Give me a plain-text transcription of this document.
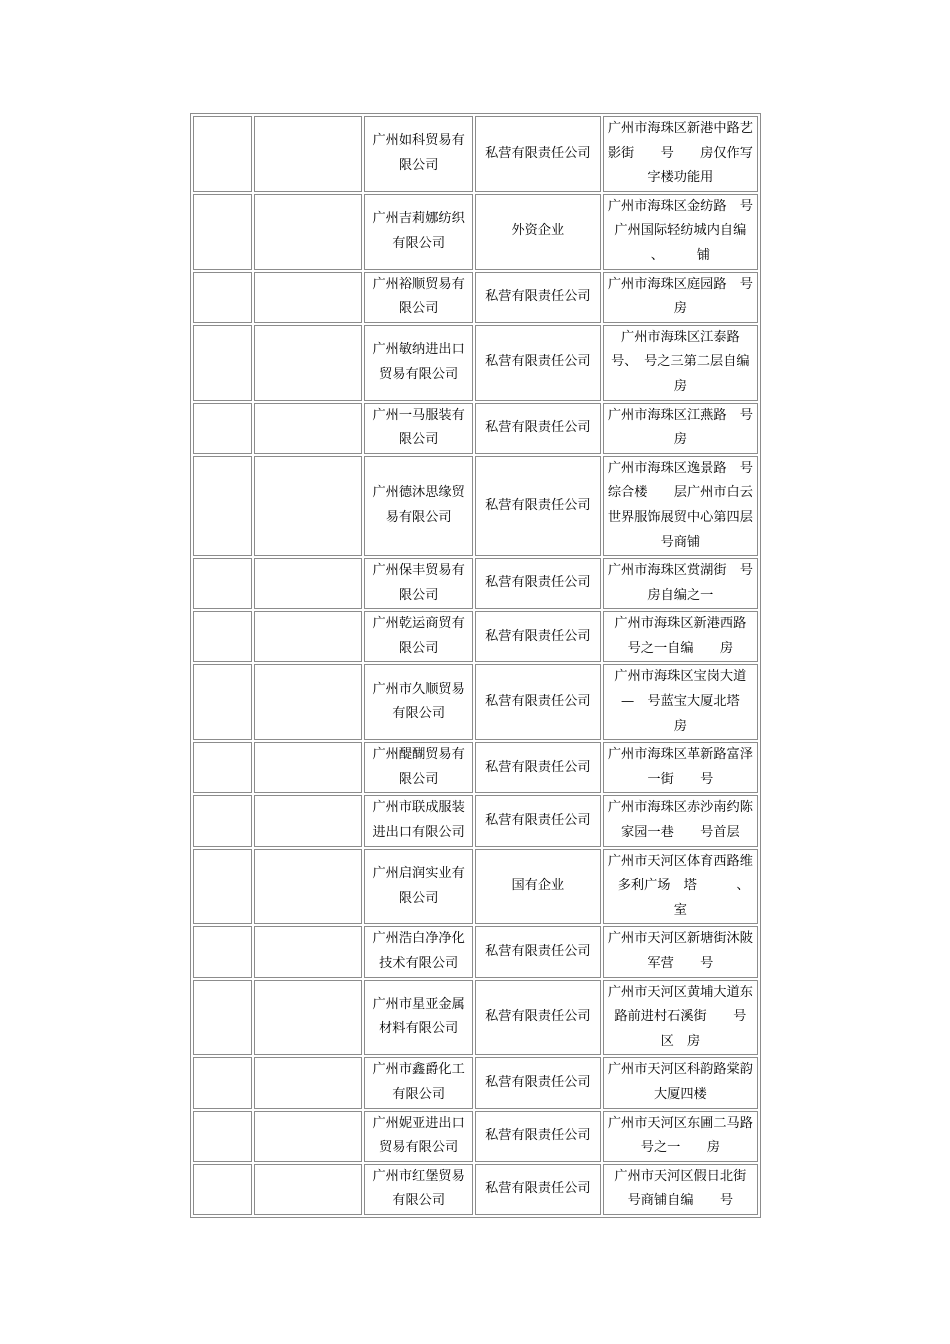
		广州如科贸易有限公司	私营有限责任公司	广州市海珠区新港中路艺影街　　号　　房仅作写字楼功能用
		广州吉莉娜纺织有限公司	外资企业	广州市海珠区金纺路　号广州国际轻纺城内自编　　　、　　　铺
		广州裕顺贸易有限公司	私营有限责任公司	广州市海珠区庭园路　号　　房
		广州敏纳进出口贸易有限公司	私营有限责任公司	广州市海珠区江泰路　号、　号之三第二层自编　房
		广州一马服装有限公司	私营有限责任公司	广州市海珠区江燕路　号　　房
		广州德沐思缘贸易有限公司	私营有限责任公司	广州市海珠区逸景路　号综合楼　　层广州市白云世界服饰展贸中心第四层　　　号商铺
		广州保丰贸易有限公司	私营有限责任公司	广州市海珠区赏湖街　号　　房自编之一
		广州乾运商贸有限公司	私营有限责任公司	广州市海珠区新港西路　号之一自编　　房
		广州市久顺贸易有限公司	私营有限责任公司	广州市海珠区宝岗大道　—　号蓝宝大厦北塔　　房
		广州醍醐贸易有限公司	私营有限责任公司	广州市海珠区革新路富泽一街　　号
		广州市联成服装进出口有限公司	私营有限责任公司	广州市海珠区赤沙南约陈家园一巷　　号首层
		广州启润实业有限公司	国有企业	广州市天河区体育西路维多利广场　塔　　　、　　室
		广州浩白净净化技术有限公司	私营有限责任公司	广州市天河区新塘街沐陂军营　　号
		广州市星亚金属材料有限公司	私营有限责任公司	广州市天河区黄埔大道东路前进村石溪街　　号　区　房
		广州市鑫爵化工有限公司	私营有限责任公司	广州市天河区科韵路棠韵大厦四楼
		广州妮亚进出口贸易有限公司	私营有限责任公司	广州市天河区东圃二马路　　号之一　　房
		广州市红堡贸易有限公司	私营有限责任公司	广州市天河区假日北街　号商铺自编　　号
